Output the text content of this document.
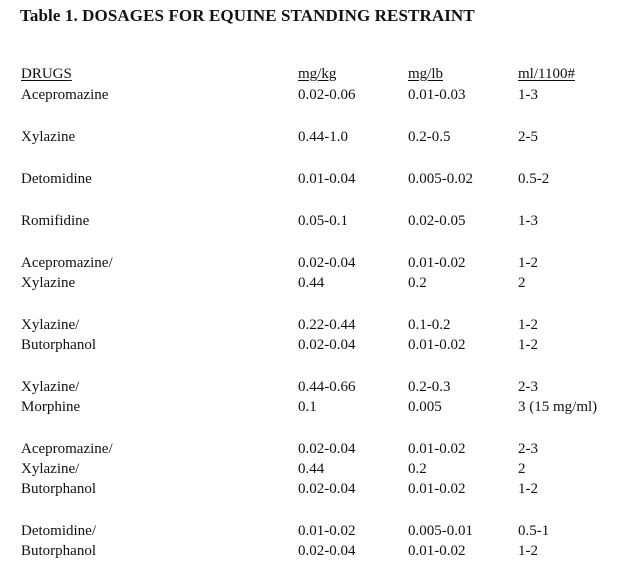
Table 1. DOSAGES FOR EQUINE STANDING RESTRAINT
DRUGS	mg/kg	mg/lb	ml/1100#
Acepromazine	0.02-0.06	0.01-0.03	1-3
Xylazine	0.44-1.0	0.2-0.5	2-5
Detomidine	0.01-0.04	0.005-0.02	0.5-2
Romifidine	0.05-0.1	0.02-0.05	1-3
Acepromazine/	0.02-0.04	0.01-0.02	1-2
Xylazine	0.44	0.2	2
Xylazine/	0.22-0.44	0.1-0.2	1-2
Butorphanol	0.02-0.04	0.01-0.02	1-2
Xylazine/	0.44-0.66	0.2-0.3	2-3
Morphine	0.1	0.005	3 (15 mg/ml)
Acepromazine/	0.02-0.04	0.01-0.02	2-3
Xylazine/	0.44	0.2	2
Butorphanol	0.02-0.04	0.01-0.02	1-2
Detomidine/	0.01-0.02	0.005-0.01	0.5-1
Butorphanol	0.02-0.04	0.01-0.02	1-2
